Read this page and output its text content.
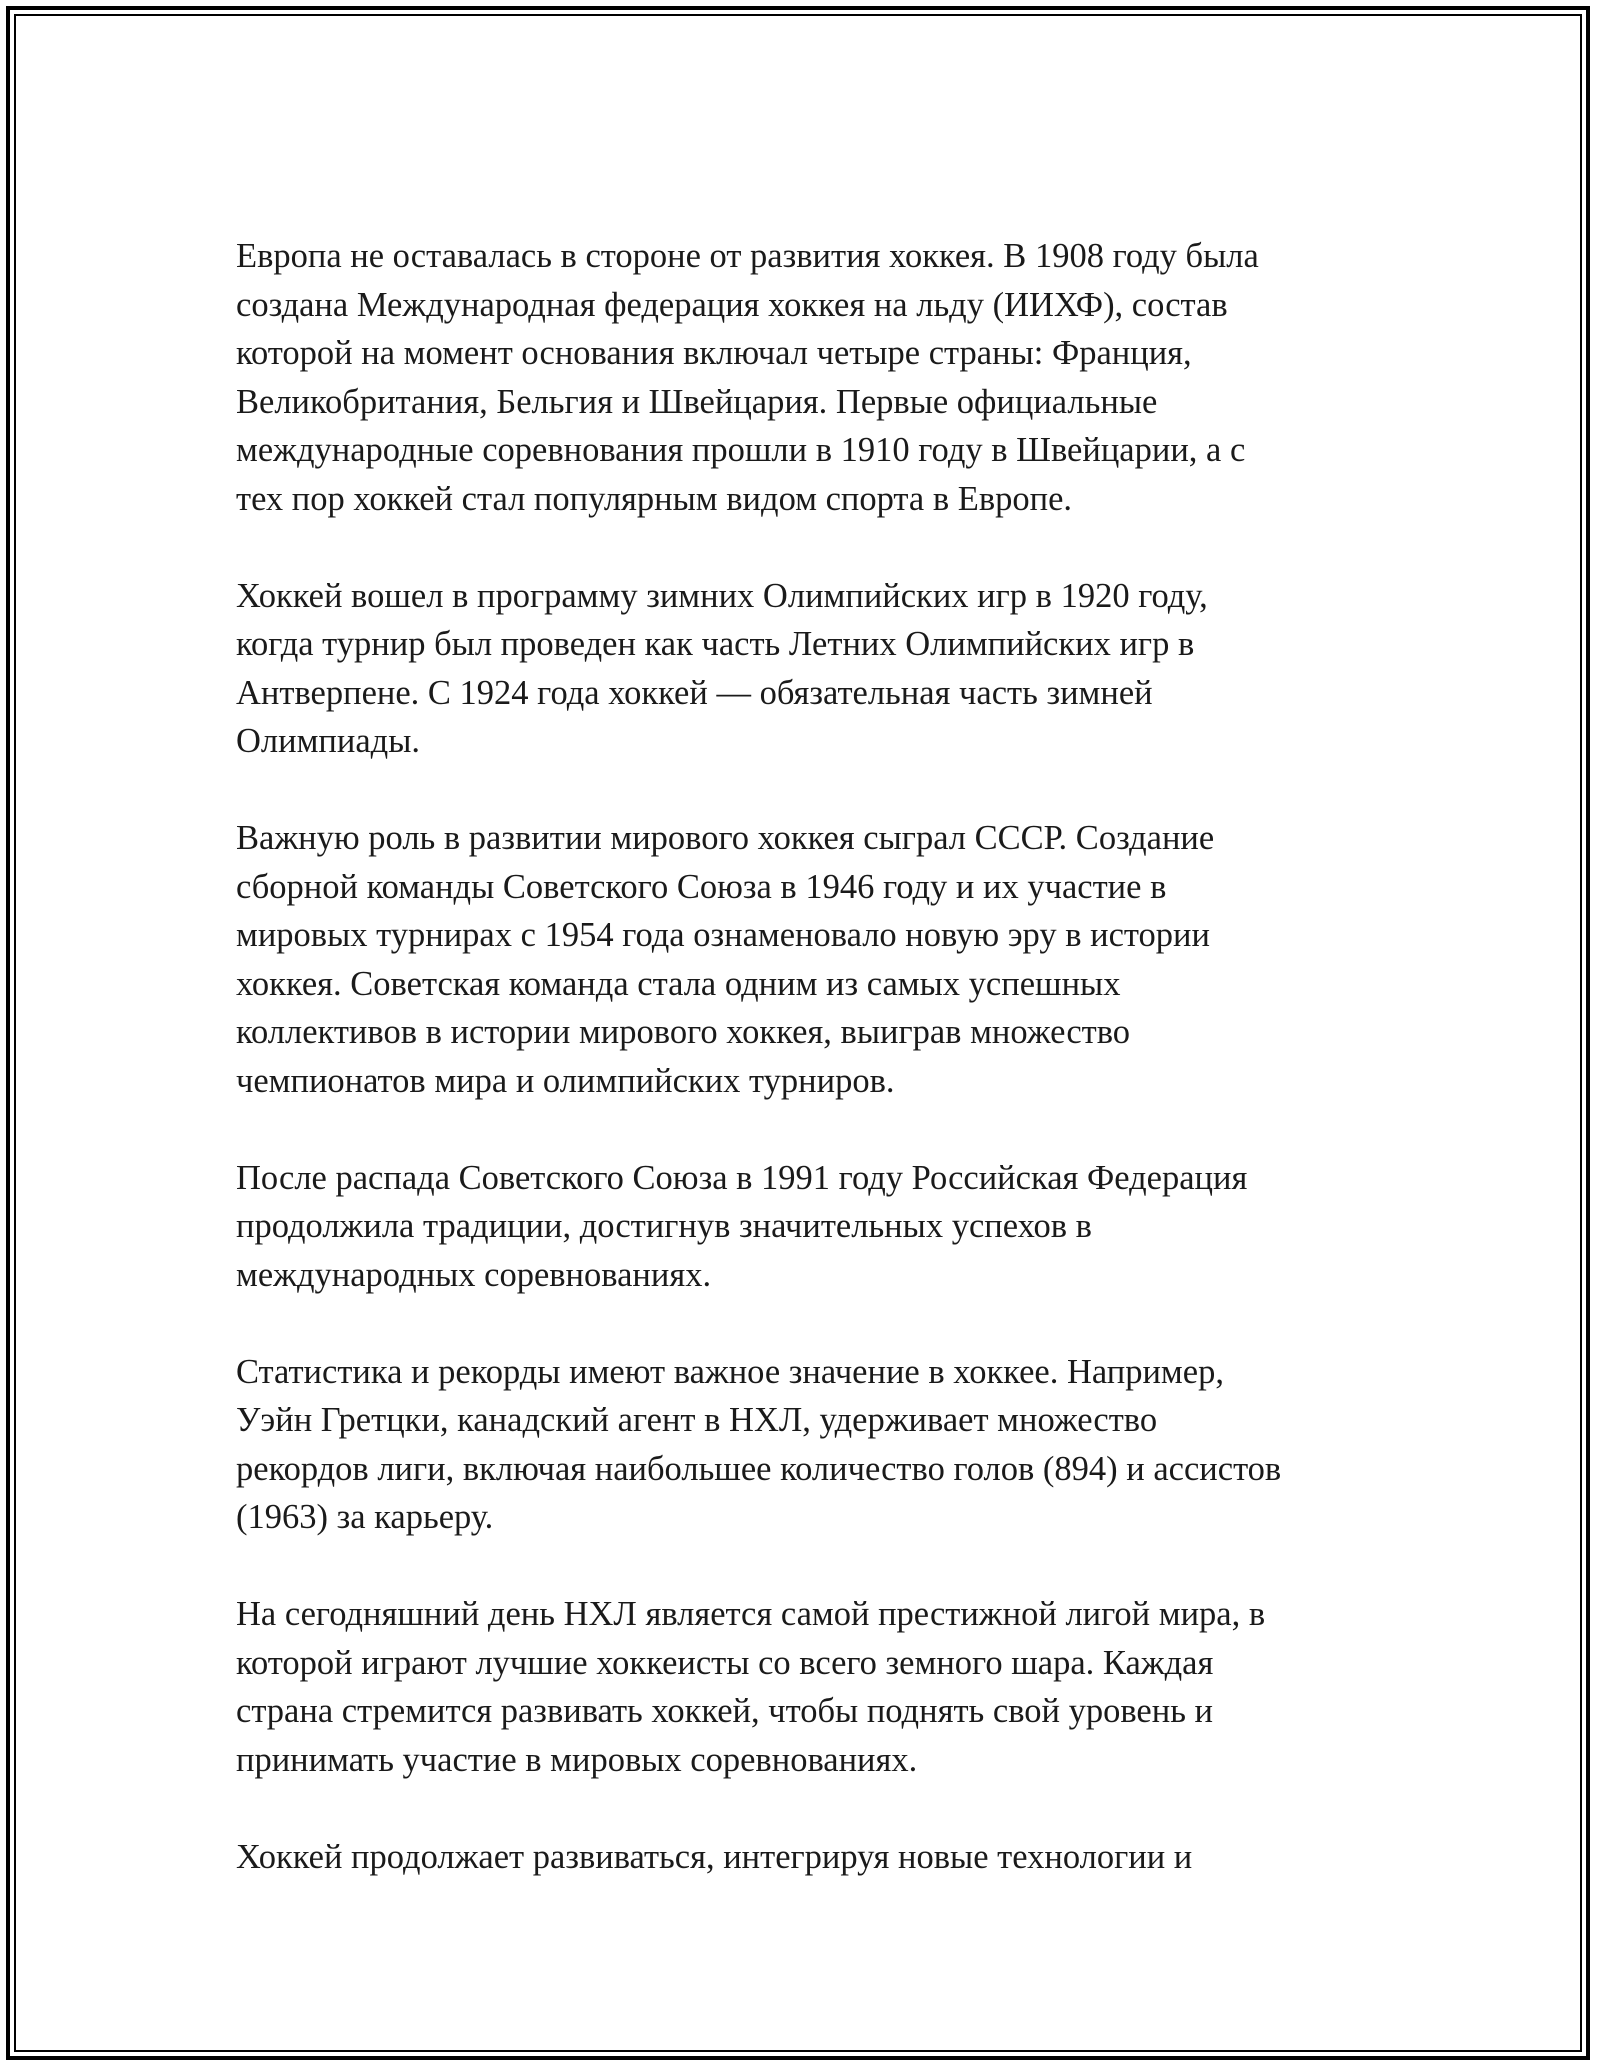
Европа не оставалась в стороне от развития хоккея. В 1908 году была
создана Международная федерация хоккея на льду (ИИХФ), состав
которой на момент основания включал четыре страны: Франция,
Великобритания, Бельгия и Швейцария. Первые официальные
международные соревнования прошли в 1910 году в Швейцарии, а с
тех пор хоккей стал популярным видом спорта в Европе.

Хоккей вошел в программу зимних Олимпийских игр в 1920 году,
когда турнир был проведен как часть Летних Олимпийских игр в
Антверпене. С 1924 года хоккей — обязательная часть зимней
Олимпиады.

Важную роль в развитии мирового хоккея сыграл СССР. Создание
сборной команды Советского Союза в 1946 году и их участие в
мировых турнирах с 1954 года ознаменовало новую эру в истории
хоккея. Советская команда стала одним из самых успешных
коллективов в истории мирового хоккея, выиграв множество
чемпионатов мира и олимпийских турниров.

После распада Советского Союза в 1991 году Российская Федерация
продолжила традиции, достигнув значительных успехов в
международных соревнованиях.

Статистика и рекорды имеют важное значение в хоккее. Например,
Уэйн Гретцки, канадский агент в НХЛ, удерживает множество
рекордов лиги, включая наибольшее количество голов (894) и ассистов
(1963) за карьеру.

На сегодняшний день НХЛ является самой престижной лигой мира, в
которой играют лучшие хоккеисты со всего земного шара. Каждая
страна стремится развивать хоккей, чтобы поднять свой уровень и
принимать участие в мировых соревнованиях.

Хоккей продолжает развиваться, интегрируя новые технологии и
